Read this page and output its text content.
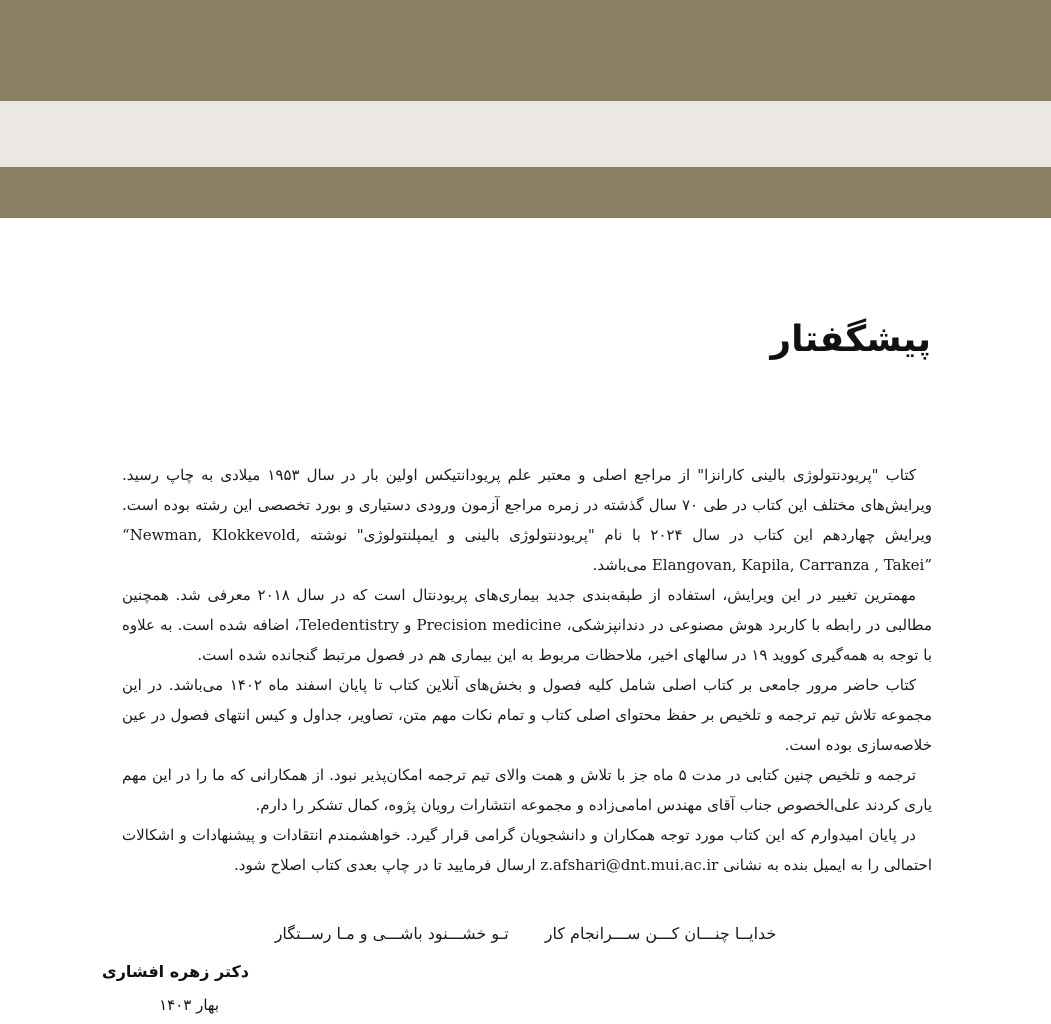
پیشگفتار

کتاب "پریودنتولوژی بالینی کارانزا" از مراجع اصلی و معتبر علم پریودانتیکس اولین بار در سال ۱۹۵۳ میلادی به چاپ رسید. ویرایش‌های مختلف این کتاب در طی ۷۰ سال گذشته در زمره مراجع آزمون ورودی دستیاری و بورد تخصصی این رشته بوده است. ویرایش چهاردهم این کتاب در سال ۲۰۲۴ با نام "پریودنتولوژی بالینی و ایمپلنتولوژی" نوشته “Newman, Klokkevold, Elangovan, Kapila, Carranza , Takei” می‌باشد.

مهمترین تغییر در این ویرایش، استفاده از طبقه‌بندی جدید بیماری‌های پریودنتال است که در سال ۲۰۱۸ معرفی شد. همچنین مطالبی در رابطه با کاربرد هوش مصنوعی در دندانپزشکی، Precision medicine و Teledentistry، اضافه شده است. به علاوه با توجه به همه‌گیری کووید ۱۹ در سالهای اخیر، ملاحظات مربوط به این بیماری هم در فصول مرتبط گنجانده شده است.

کتاب حاضر مرور جامعی بر کتاب اصلی شامل کلیه فصول و بخش‌های آنلاین کتاب تا پایان اسفند ماه ۱۴۰۲ می‌باشد. در این مجموعه تلاش تیم ترجمه و تلخیص بر حفظ محتوای اصلی کتاب و تمام نکات مهم متن، تصاویر، جداول و کیس انتهای فصول در عین خلاصه‌سازی بوده است.

ترجمه و تلخیص چنین کتابی در مدت ۵ ماه جز با تلاش و همت والای تیم ترجمه امکان‌پذیر نبود. از همکارانی که ما را در این مهم یاری کردند علی‌الخصوص جناب آقای مهندس امامی‌زاده و مجموعه انتشارات رویان پژوه، کمال تشکر را دارم.

در پایان امیدوارم که این کتاب مورد توجه همکاران و دانشجویان گرامی قرار گیرد. خواهشمندم انتقادات و پیشنهادات و اشکالات احتمالی را به ایمیل بنده به نشانی z.afshari@dnt.mui.ac.ir ارسال فرمایید تا در چاپ بعدی کتاب اصلاح شود.

خدایــا چنـــان کـــن ســـرانجام کارتـو خشـــنود باشـــی و مـا رســتگار
دکتر زهره افشاری
بهار ۱۴۰۳
